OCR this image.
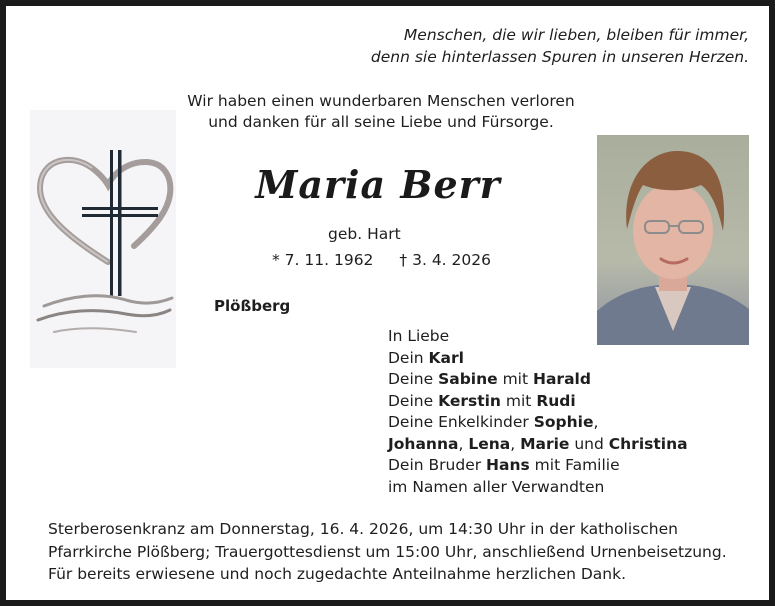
Menschen, die wir lieben, bleiben für immer,
denn sie hinterlassen Spuren in unseren Herzen.
Wir haben einen wunderbaren Menschen verloren
und danken für all seine Liebe und Fürsorge.
Maria Berr
geb. Hart
* 7. 11. 1962 † 3. 4. 2026
Plößberg
In Liebe
Dein Karl
Deine Sabine mit Harald
Deine Kerstin mit Rudi
Deine Enkelkinder Sophie,
Johanna, Lena, Marie und Christina
Dein Bruder Hans mit Familie
im Namen aller Verwandten
Sterberosenkranz am Donnerstag, 16. 4. 2026, um 14:30 Uhr in der katholischen
Pfarrkirche Plößberg; Trauergottesdienst um 15:00 Uhr, anschließend Urnenbeisetzung.
Für bereits erwiesene und noch zugedachte Anteilnahme herzlichen Dank.
